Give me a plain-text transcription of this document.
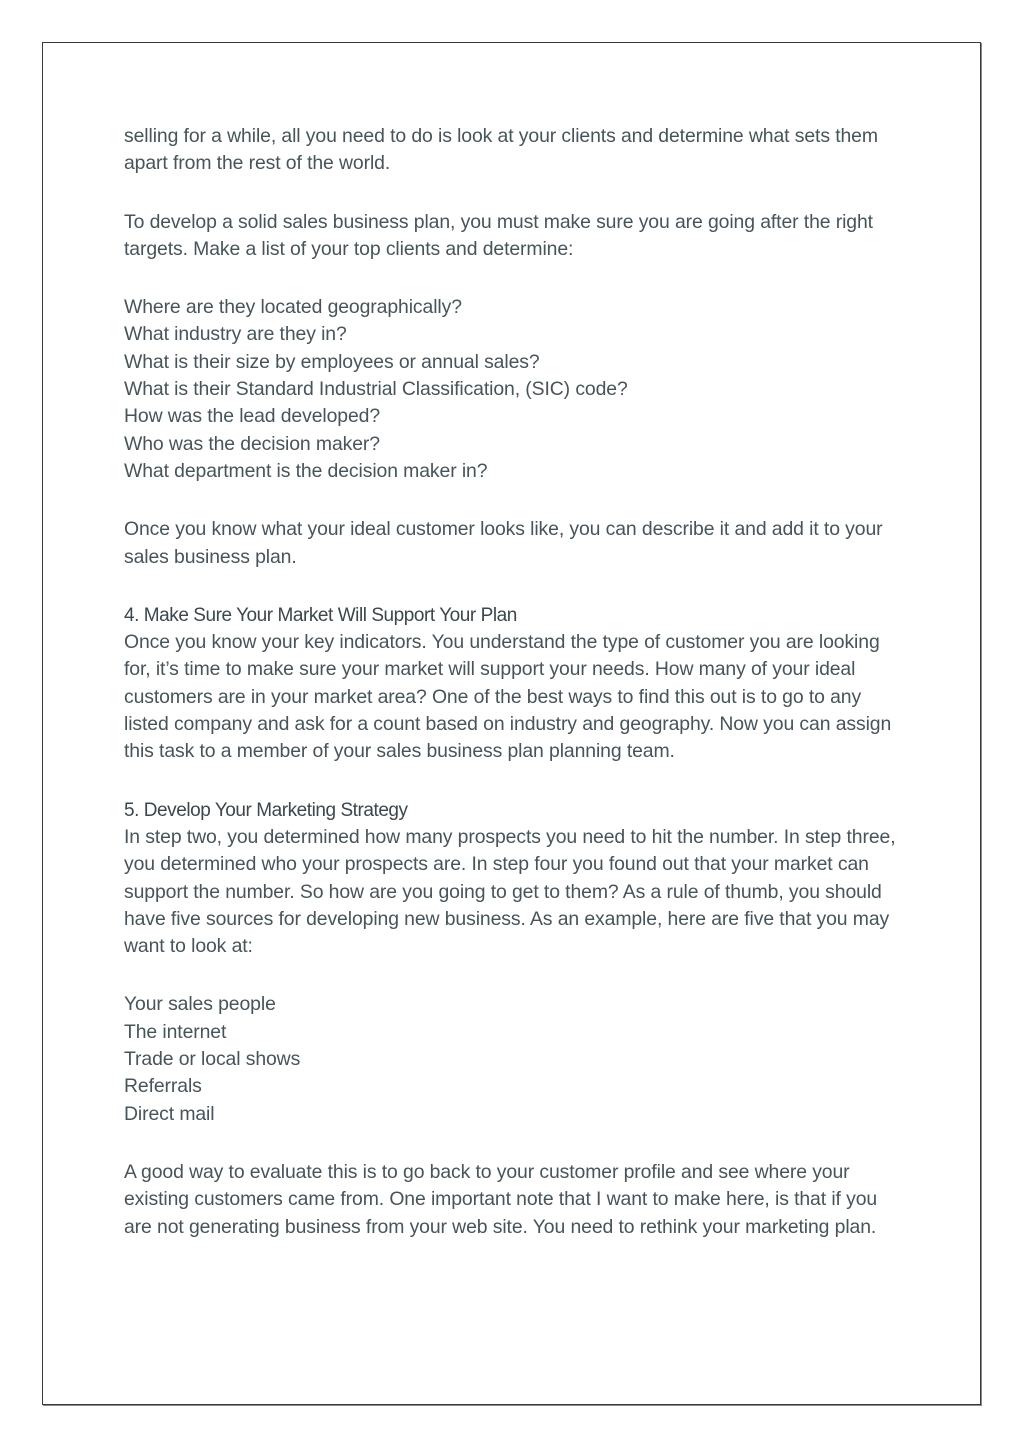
selling for a while, all you need to do is look at your clients and determine what sets them apart from the rest of the world.

To develop a solid sales business plan, you must make sure you are going after the right targets. Make a list of your top clients and determine:

Where are they located geographically?
What industry are they in?
What is their size by employees or annual sales?
What is their Standard Industrial Classification, (SIC) code?
How was the lead developed?
Who was the decision maker?
What department is the decision maker in?

Once you know what your ideal customer looks like, you can describe it and add it to your sales business plan.

4. Make Sure Your Market Will Support Your Plan

Once you know your key indicators. You understand the type of customer you are looking for, it’s time to make sure your market will support your needs. How many of your ideal customers are in your market area? One of the best ways to find this out is to go to any listed company and ask for a count based on industry and geography. Now you can assign this task to a member of your sales business plan planning team.

5. Develop Your Marketing Strategy

In step two, you determined how many prospects you need to hit the number. In step three, you determined who your prospects are. In step four you found out that your market can support the number. So how are you going to get to them? As a rule of thumb, you should have five sources for developing new business. As an example, here are five that you may want to look at:

Your sales people
The internet
Trade or local shows
Referrals
Direct mail

A good way to evaluate this is to go back to your customer profile and see where your existing customers came from. One important note that I want to make here, is that if you are not generating business from your web site. You need to rethink your marketing plan.
